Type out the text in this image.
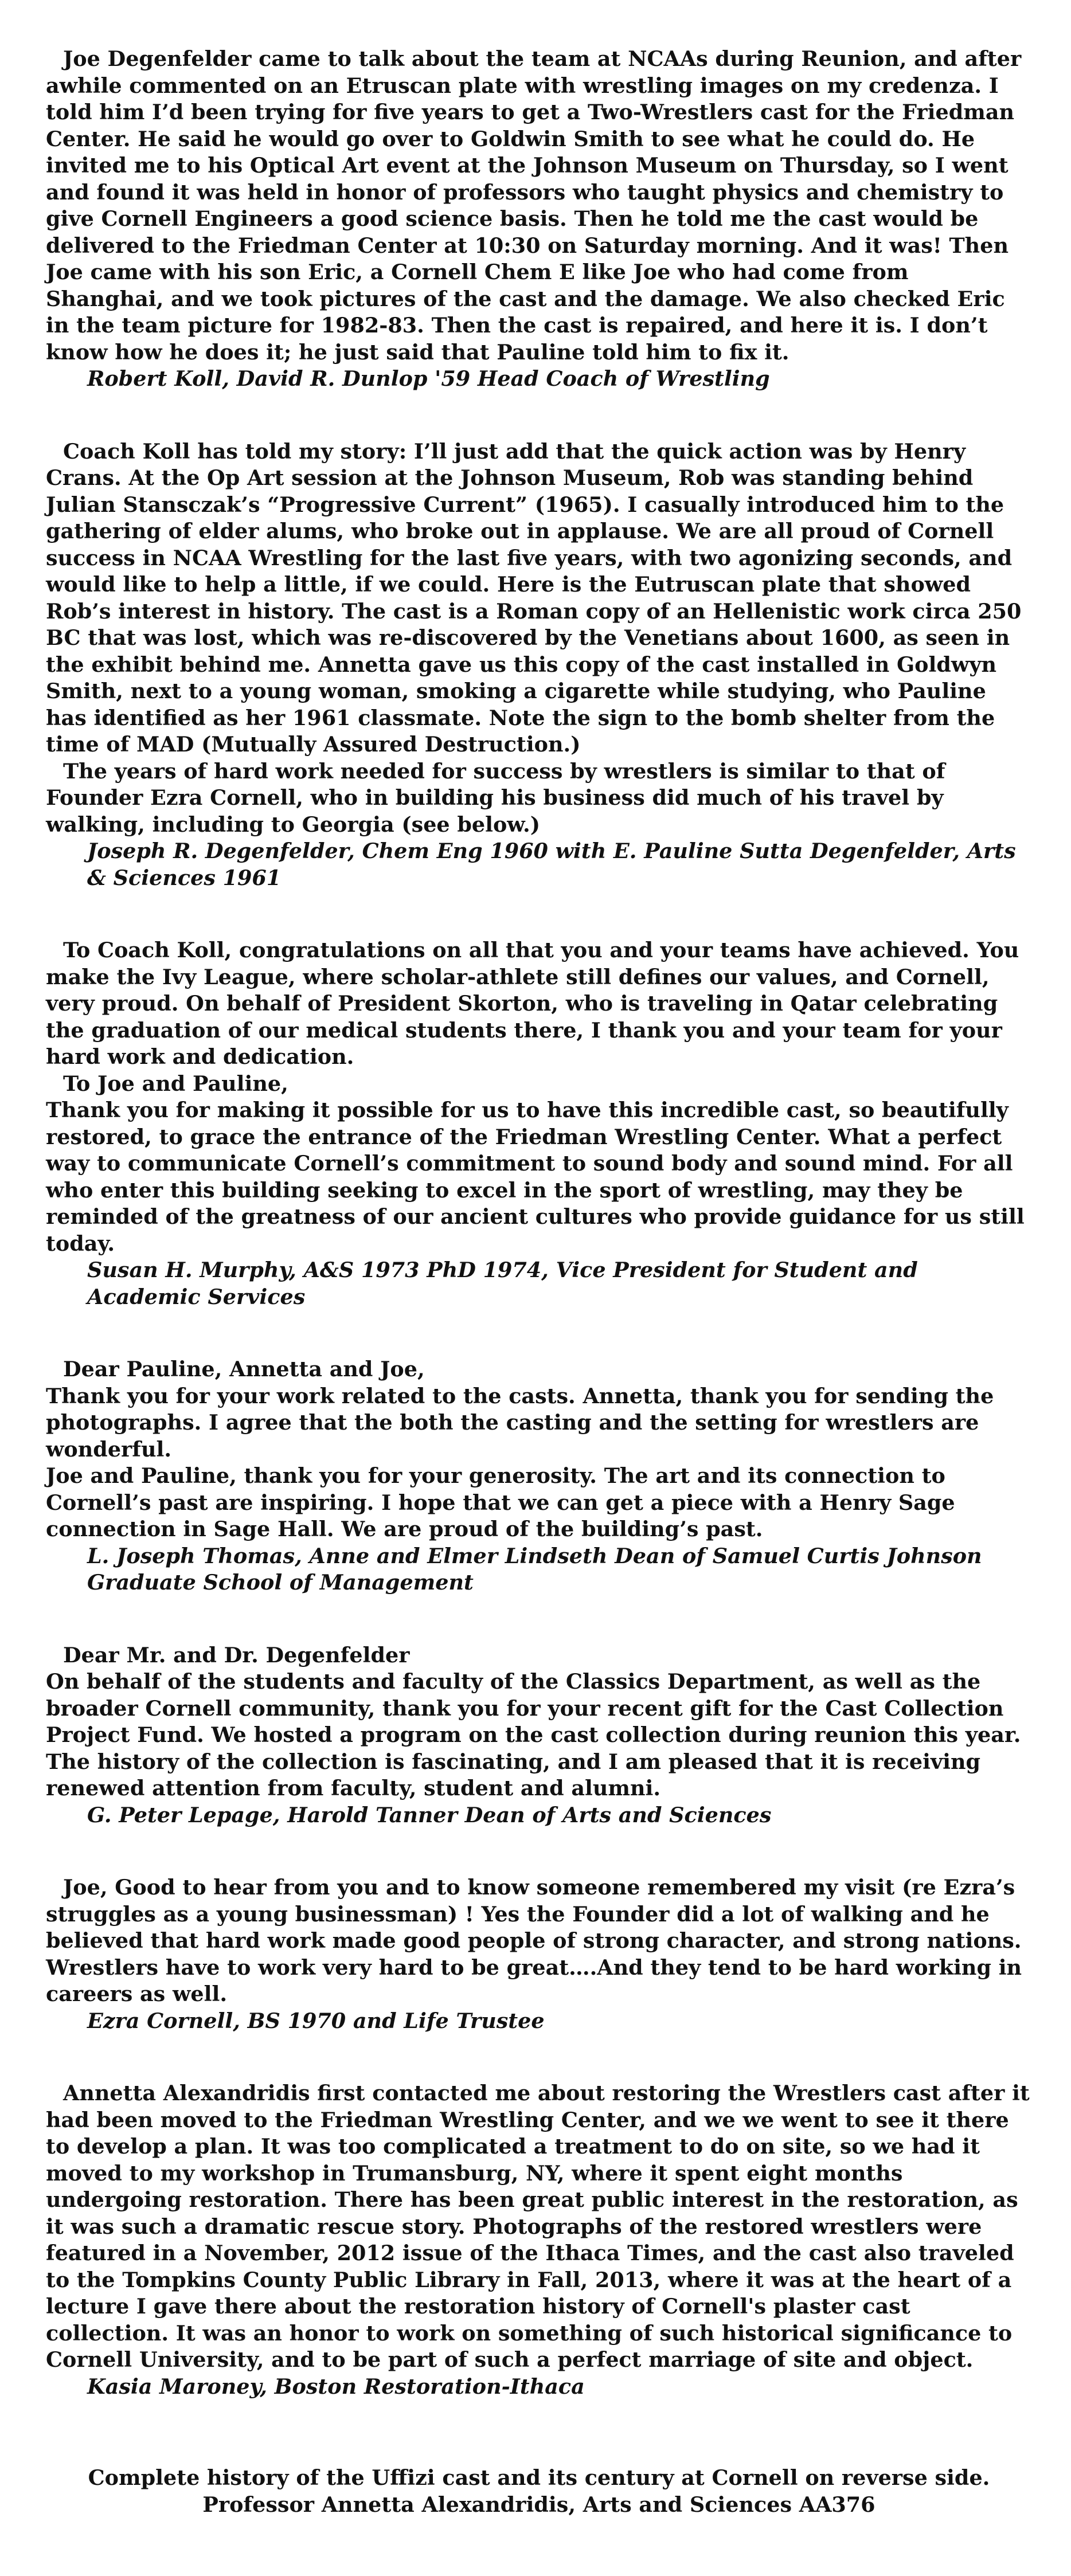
Joe Degenfelder came to talk about the team at NCAAs during Reunion, and after awhile commented on an Etruscan plate with wrestling images on my credenza. I told him I’d been trying for five years to get a Two-Wrestlers cast for the Friedman Center. He said he would go over to Goldwin Smith to see what he could do. He invited me to his Optical Art event at the Johnson Museum on Thursday, so I went and found it was held in honor of professors who taught physics and chemistry to give Cornell Engineers a good science basis. Then he told me the cast would be delivered to the Friedman Center at 10:30 on Saturday morning. And it was! Then Joe came with his son Eric, a Cornell Chem E like Joe who had come from Shanghai, and we took pictures of the cast and the damage. We also checked Eric in the team picture for 1982-83. Then the cast is repaired, and here it is. I don’t know how he does it; he just said that Pauline told him to fix it.

Robert Koll, David R. Dunlop '59 Head Coach of Wrestling

Coach Koll has told my story: I’ll just add that the quick action was by Henry Crans. At the Op Art session at the Johnson Museum, Rob was standing behind Julian Stansczak’s “Progressive Current” (1965). I casually introduced him to the gathering of elder alums, who broke out in applause. We are all proud of Cornell success in NCAA Wrestling for the last five years, with two agonizing seconds, and would like to help a little, if we could. Here is the Eutruscan plate that showed Rob’s interest in history. The cast is a Roman copy of an Hellenistic work circa 250 BC that was lost, which was re-discovered by the Venetians about 1600, as seen in the exhibit behind me. Annetta gave us this copy of the cast installed in Goldwyn Smith, next to a young woman, smoking a cigarette while studying, who Pauline has identified as her 1961 classmate. Note the sign to the bomb shelter from the time of MAD (Mutually Assured Destruction.)

The years of hard work needed for success by wrestlers is similar to that of Founder Ezra Cornell, who in building his business did much of his travel by walking, including to Georgia (see below.)

Joseph R. Degenfelder, Chem Eng 1960 with E. Pauline Sutta Degenfelder, Arts & Sciences 1961

To Coach Koll, congratulations on all that you and your teams have achieved. You make the Ivy League, where scholar-athlete still defines our values, and Cornell, very proud. On behalf of President Skorton, who is traveling in Qatar celebrating the graduation of our medical students there, I thank you and your team for your hard work and dedication.

To Joe and Pauline,

Thank you for making it possible for us to have this incredible cast, so beautifully restored, to grace the entrance of the Friedman Wrestling Center. What a perfect way to communicate Cornell’s commitment to sound body and sound mind. For all who enter this building seeking to excel in the sport of wrestling, may they be reminded of the greatness of our ancient cultures who provide guidance for us still today.

Susan H. Murphy, A&S 1973 PhD 1974, Vice President for Student and Academic Services

Dear Pauline, Annetta and Joe,

Thank you for your work related to the casts. Annetta, thank you for sending the photographs. I agree that the both the casting and the setting for wrestlers are wonderful.

Joe and Pauline, thank you for your generosity. The art and its connection to Cornell’s past are inspiring. I hope that we can get a piece with a Henry Sage connection in Sage Hall. We are proud of the building’s past.

L. Joseph Thomas, Anne and Elmer Lindseth Dean of Samuel Curtis Johnson Graduate School of Management

Dear Mr. and Dr. Degenfelder

On behalf of the students and faculty of the Classics Department, as well as the broader Cornell community, thank you for your recent gift for the Cast Collection Project Fund. We hosted a program on the cast collection during reunion this year. The history of the collection is fascinating, and I am pleased that it is receiving renewed attention from faculty, student and alumni.

G. Peter Lepage, Harold Tanner Dean of Arts and Sciences

Joe, Good to hear from you and to know someone remembered my visit (re Ezra’s struggles as a young businessman) ! Yes the Founder did a lot of walking and he believed that hard work made good people of strong character, and strong nations. Wrestlers have to work very hard to be great….And they tend to be hard working in careers as well.

Ezra Cornell, BS 1970 and Life Trustee

Annetta Alexandridis first contacted me about restoring the Wrestlers cast after it had been moved to the Friedman Wrestling Center, and we we went to see it there to develop a plan. It was too complicated a treatment to do on site, so we had it moved to my workshop in Trumansburg, NY, where it spent eight months undergoing restoration. There has been great public interest in the restoration, as it was such a dramatic rescue story. Photographs of the restored wrestlers were featured in a November, 2012 issue of the Ithaca Times, and the cast also traveled to the Tompkins County Public Library in Fall, 2013, where it was at the heart of a lecture I gave there about the restoration history of Cornell's plaster cast collection. It was an honor to work on something of such historical significance to Cornell University, and to be part of such a perfect marriage of site and object.

Kasia Maroney, Boston Restoration-Ithaca

Complete history of the Uffizi cast and its century at Cornell on reverse side.

Professor Annetta Alexandridis, Arts and Sciences AA376
